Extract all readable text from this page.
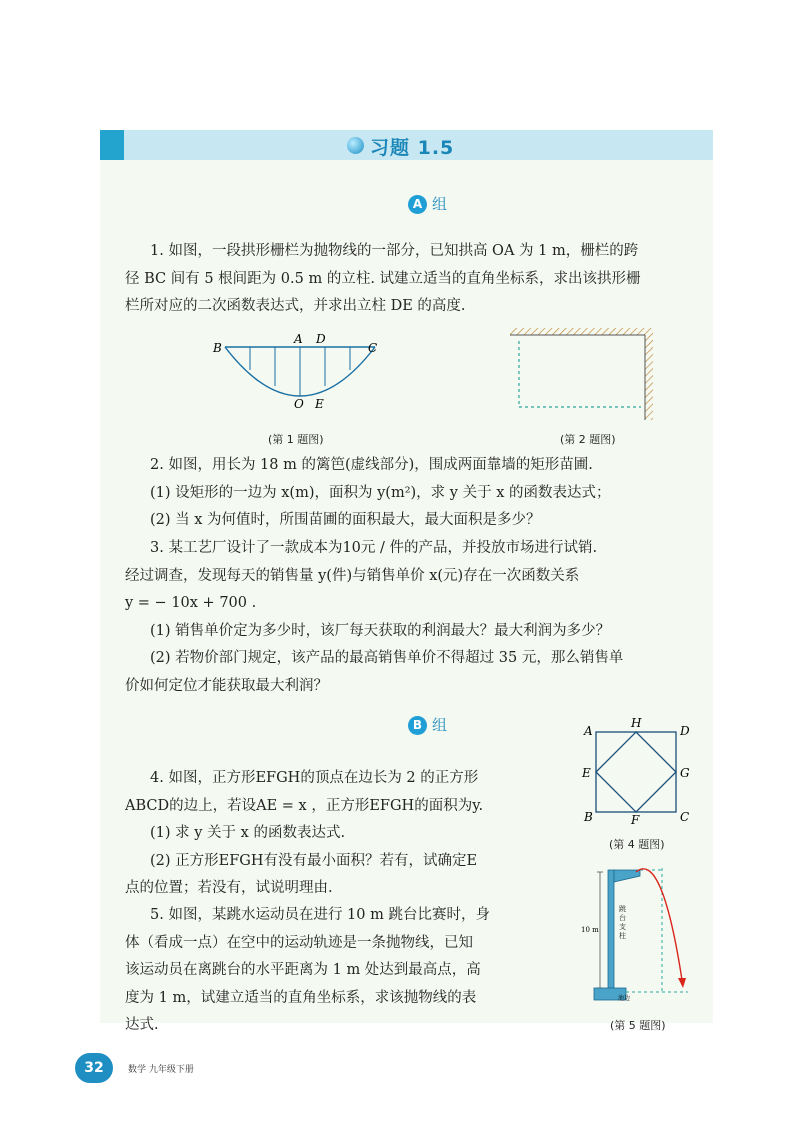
习题 1.5
A 组
1. 如图，一段拱形栅栏为抛物线的一部分，已知拱高 OA 为 1 m，栅栏的跨
径 BC 间有 5 根间距为 0.5 m 的立柱. 试建立适当的直角坐标系，求出该拱形栅
栏所对应的二次函数表达式，并求出立柱 DE 的高度.
B
A D
C
O E
(第 1 题图)	(第 2 题图)
2. 如图，用长为 18 m 的篱笆(虚线部分)，围成两面靠墙的矩形苗圃.
(1) 设矩形的一边为 x(m)，面积为 y(m²)，求 y 关于 x 的函数表达式；
(2) 当 x 为何值时，所围苗圃的面积最大，最大面积是多少？
3. 某工艺厂设计了一款成本为10元 / 件的产品，并投放市场进行试销.
经过调查，发现每天的销售量 y(件)与销售单价 x(元)存在一次函数关系
y = − 10x + 700 .
(1) 销售单价定为多少时，该厂每天获取的利润最大？最大利润为多少？
(2) 若物价部门规定，该产品的最高销售单价不得超过 35 元，那么销售单
价如何定位才能获取最大利润？
B 组
4. 如图，正方形EFGH的顶点在边长为 2 的正方形
ABCD的边上，若设AE = x ，正方形EFGH的面积为y.
(1) 求 y 关于 x 的函数表达式.
(2) 正方形EFGH有没有最小面积？若有，试确定E
点的位置；若没有，试说明理由.
5. 如图，某跳水运动员在进行 10 m 跳台比赛时，身
体（看成一点）在空中的运动轨迹是一条抛物线，已知
该运动员在离跳台的水平距离为 1 m 处达到最高点，高
度为 1 m，试建立适当的直角坐标系，求该抛物线的表
达式.
A
H
D
E	G
B	F	C
(第 4 题图)
10 m
池边
跳台支柱
(第 5 题图)
32	数学 九年级下册
